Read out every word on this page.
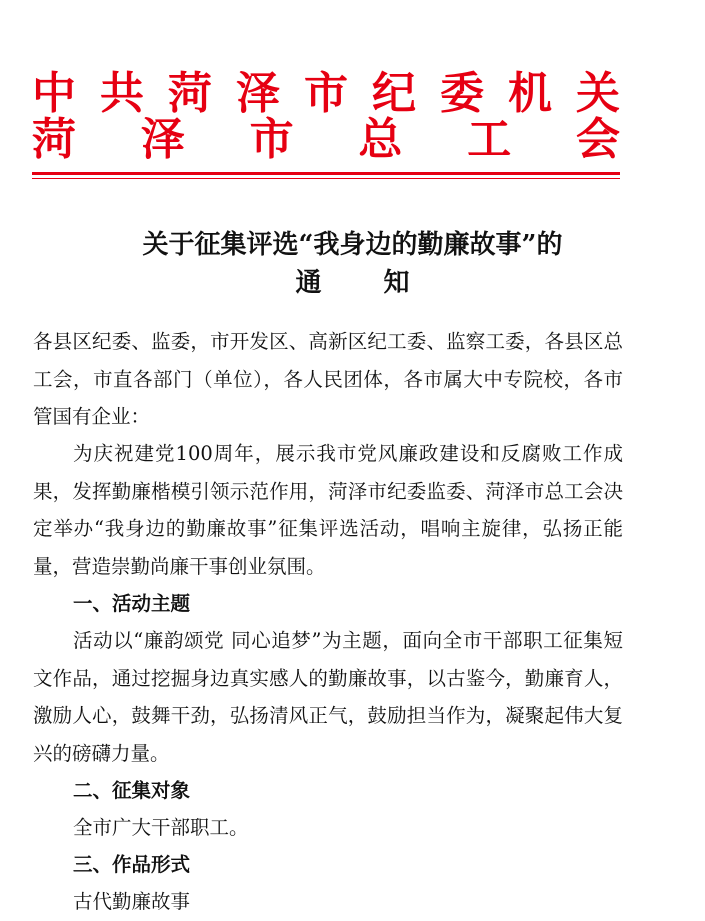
中 共 菏 泽 市 纪 委 机 关
菏 泽 市 总 工 会
关于征集评选“我身边的勤廉故事”的
通知
各县区纪委、监委，市开发区、高新区纪工委、监察工委，各县区总工会，市直各部门（单位），各人民团体，各市属大中专院校，各市管国有企业：
为庆祝建党100周年，展示我市党风廉政建设和反腐败工作成果，发挥勤廉楷模引领示范作用，菏泽市纪委监委、菏泽市总工会决定举办“我身边的勤廉故事”征集评选活动，唱响主旋律，弘扬正能量，营造崇勤尚廉干事创业氛围。
一、活动主题
活动以“廉韵颂党 同心追梦”为主题，面向全市干部职工征集短文作品，通过挖掘身边真实感人的勤廉故事，以古鉴今，勤廉育人，激励人心，鼓舞干劲，弘扬清风正气，鼓励担当作为，凝聚起伟大复兴的磅礴力量。
二、征集对象
全市广大干部职工。
三、作品形式
古代勤廉故事
